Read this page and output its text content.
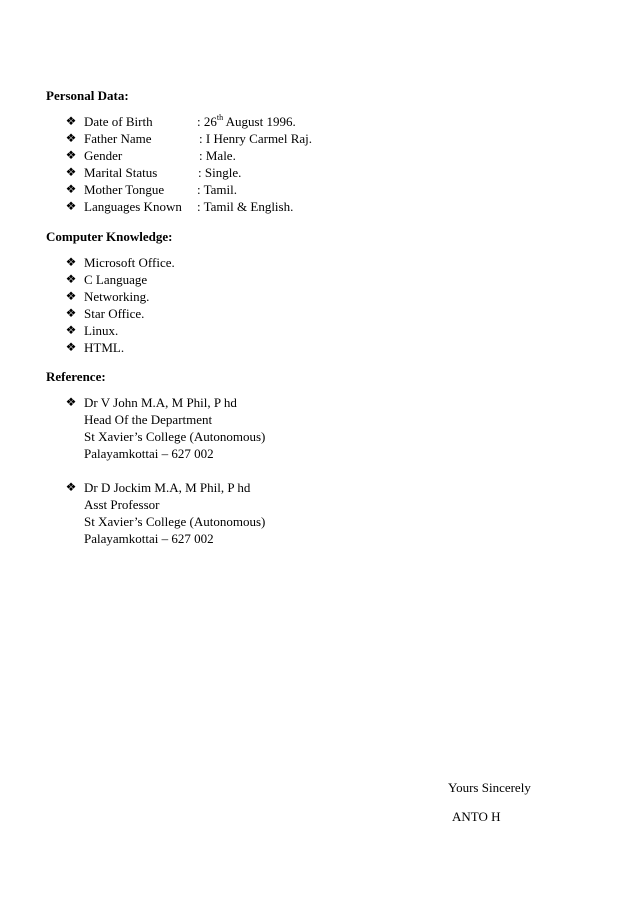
Personal Data:

❖ Date of Birth	: 26th August 1996.
❖ Father Name	: I Henry Carmel Raj.
❖ Gender	: Male.
❖ Marital Status	: Single.
❖ Mother Tongue	: Tamil.
❖ Languages Known : Tamil & English.

Computer Knowledge:

❖ Microsoft Office.
❖ C Language
❖ Networking.
❖ Star Office.
❖ Linux.
❖ HTML.

Reference:

❖ Dr V John M.A, M Phil, P hd
Head Of the Department
St Xavier’s College (Autonomous)
Palayamkottai – 627 002
❖ Dr D Jockim M.A, M Phil, P hd
Asst Professor
St Xavier’s College (Autonomous)
Palayamkottai – 627 002
Yours Sincerely
ANTO H
